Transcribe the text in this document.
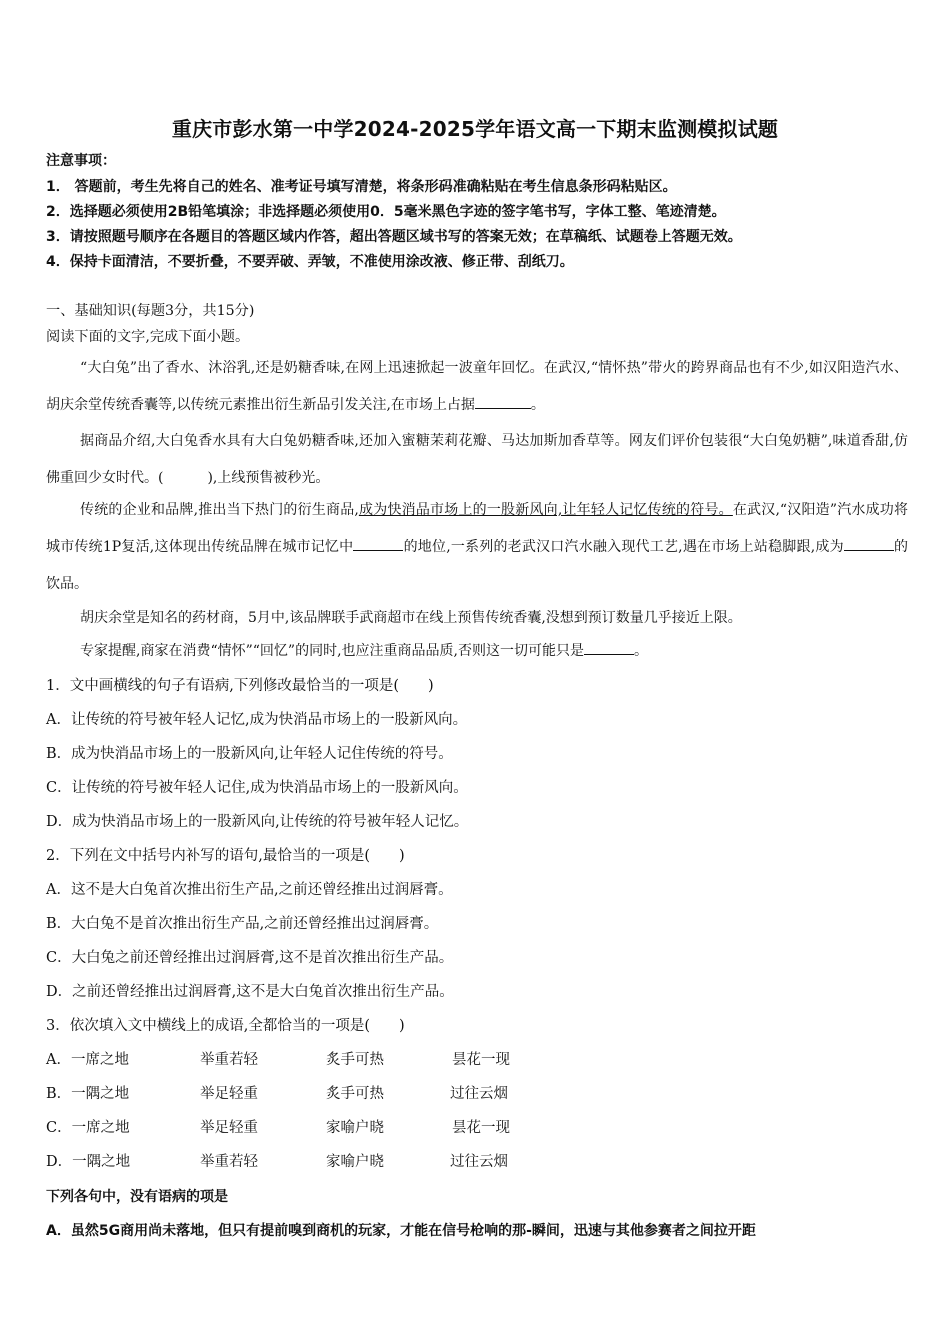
重庆市彭水第一中学2024-2025学年语文高一下期末监测模拟试题
注意事项：
1． 答题前，考生先将自己的姓名、准考证号填写清楚，将条形码准确粘贴在考生信息条形码粘贴区。
2．选择题必须使用2B铅笔填涂；非选择题必须使用0．5毫米黑色字迹的签字笔书写，字体工整、笔迹清楚。
3．请按照题号顺序在各题目的答题区域内作答，超出答题区域书写的答案无效；在草稿纸、试题卷上答题无效。
4．保持卡面清洁，不要折叠，不要弄破、弄皱，不准使用涂改液、修正带、刮纸刀。
一、基础知识(每题3分，共15分)
阅读下面的文字,完成下面小题。
“大白兔”出了香水、沐浴乳,还是奶糖香味,在网上迅速掀起一波童年回忆。在武汉,“情怀热”带火的跨界商品也有不少,如汉阳造汽水、胡庆余堂传统香囊等,以传统元素推出衍生新品引发关注,在市场上占据	。
据商品介绍,大白兔香水具有大白兔奶糖香味,还加入蜜糖茉莉花瓣、马达加斯加香草等。网友们评价包装很“大白兔奶糖”,味道香甜,仿佛重回少女时代。(	),上线预售被秒光。
传统的企业和品牌,推出当下热门的衍生商品,成为快消品市场上的一股新风向,让年轻人记忆传统的符号。在武汉,“汉阳造”汽水成功将城市传统1P复活,这体现出传统品牌在城市记忆中	的地位,一系列的老武汉口汽水融入现代工艺,遇在市场上站稳脚跟,成为	的饮品。
胡庆余堂是知名的药材商，5月中,该品牌联手武商超市在线上预售传统香囊,没想到预订数量几乎接近上限。
专家提醒,商家在消费“情怀”“回忆”的同时,也应注重商品品质,否则这一切可能只是	。
1．文中画横线的句子有语病,下列修改最恰当的一项是(　　)
A．让传统的符号被年轻人记忆,成为快消品市场上的一股新风向。
B．成为快消品市场上的一股新风向,让年轻人记住传统的符号。
C．让传统的符号被年轻人记住,成为快消品市场上的一股新风向。
D．成为快消品市场上的一股新风向,让传统的符号被年轻人记忆。
2．下列在文中括号内补写的语句,最恰当的一项是(　　)
A．这不是大白兔首次推出衍生产品,之前还曾经推出过润唇膏。
B．大白兔不是首次推出衍生产品,之前还曾经推出过润唇膏。
C．大白兔之前还曾经推出过润唇膏,这不是首次推出衍生产品。
D．之前还曾经推出过润唇膏,这不是大白兔首次推出衍生产品。
3．依次填入文中横线上的成语,全都恰当的一项是(　　)
A．一席之地	举重若轻	炙手可热	昙花一现
B．一隅之地	举足轻重	炙手可热	过往云烟
C．一席之地	举足轻重	家喻户晓	昙花一现
D．一隅之地	举重若轻	家喻户晓	过往云烟
下列各句中，没有语病的项是
A．虽然5G商用尚未落地，但只有提前嗅到商机的玩家，才能在信号枪响的那-瞬间，迅速与其他参赛者之间拉开距
